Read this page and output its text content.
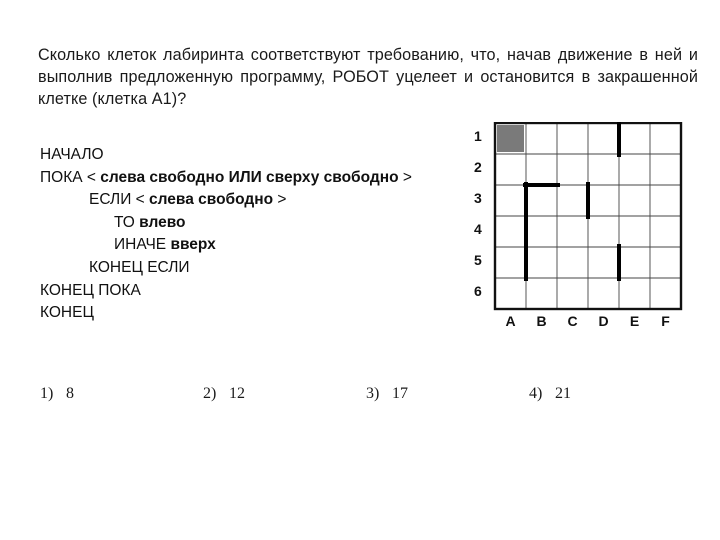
Сколько клеток лабиринта соответствуют требованию, что, начав движение в ней и выполнив предложенную программу, РОБОТ уцелеет и остановится в закрашенной клетке (клетка А1)?
НАЧАЛО
ПОКА < слева свободно ИЛИ сверху свободно >
ЕСЛИ < слева свободно >
ТО влево
ИНАЧЕ вверх
КОНЕЦ ЕСЛИ
КОНЕЦ ПОКА
КОНЕЦ
1
2
3
4
5
6
A	B	C	D	E	F
1) 8	2) 12	3) 17	4) 21
